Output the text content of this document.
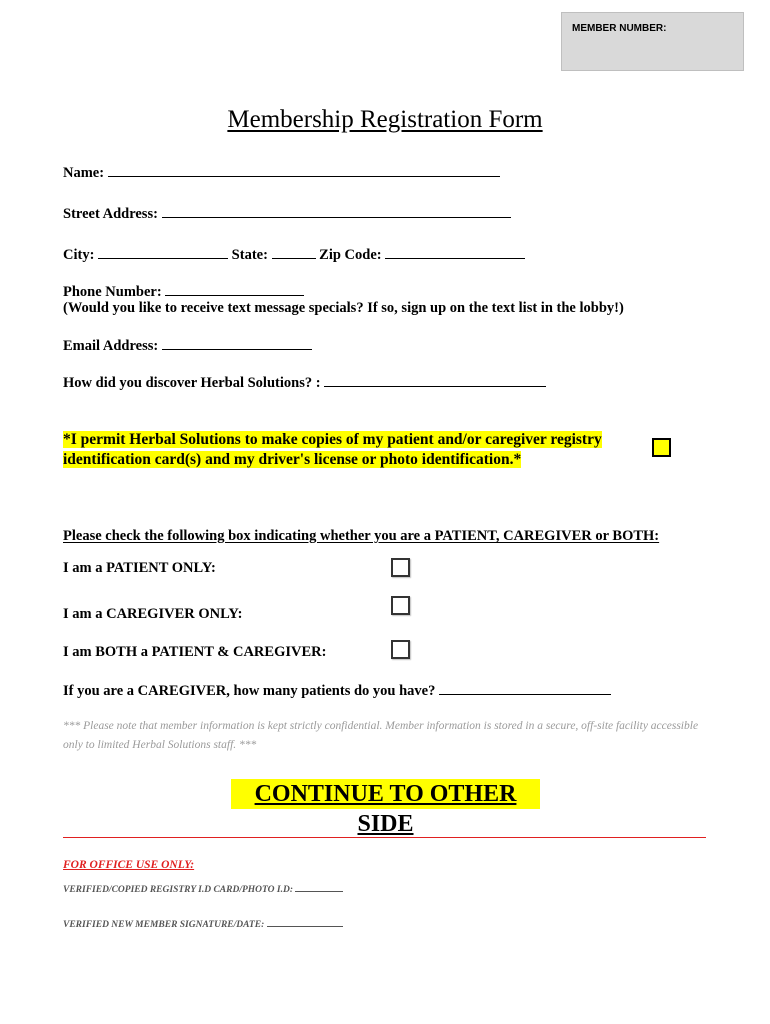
MEMBER NUMBER:
Membership Registration Form
Name:
Street Address:
City:	State:	Zip Code:
Phone Number:
(Would you like to receive text message specials? If so, sign up on the text list in the lobby!)
Email Address:
How did you discover Herbal Solutions? :
*I permit Herbal Solutions to make copies of my patient and/or caregiver registry identification card(s) and my driver's license or photo identification.*
Please check the following box indicating whether you are a PATIENT, CAREGIVER or BOTH:
I am a PATIENT ONLY:
I am a CAREGIVER ONLY:
I am BOTH a PATIENT & CAREGIVER:
If you are a CAREGIVER, how many patients do you have?
*** Please note that member information is kept strictly confidential. Member information is stored in a secure, off-site facility accessible only to limited Herbal Solutions staff. ***
CONTINUE TO OTHER SIDE
FOR OFFICE USE ONLY:
VERIFIED/COPIED REGISTRY I.D CARD/PHOTO I.D:
VERIFIED NEW MEMBER SIGNATURE/DATE:
